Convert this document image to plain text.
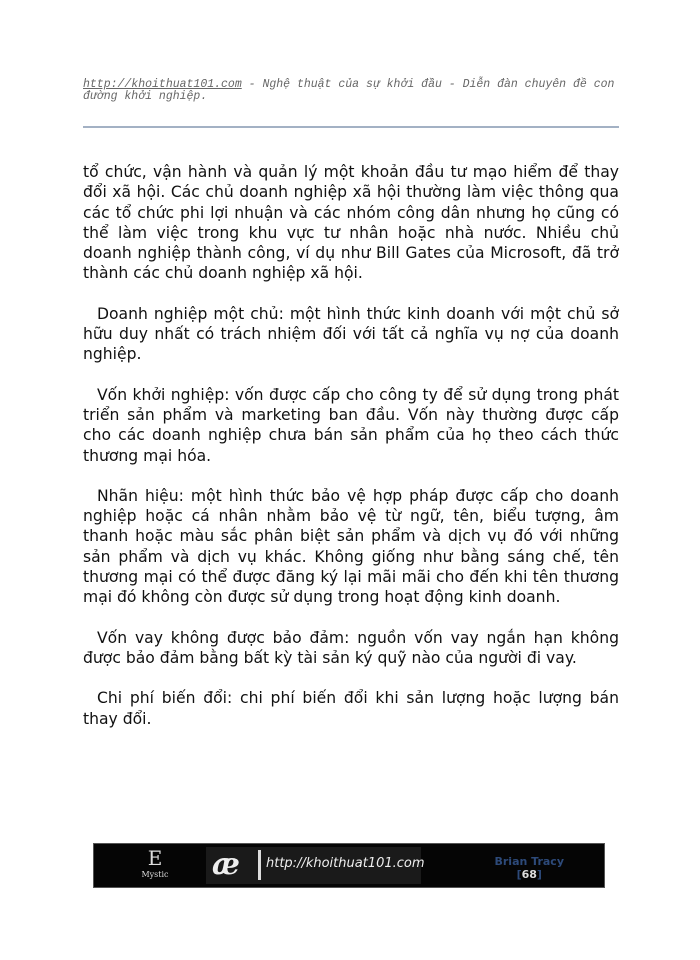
http://khoithuat101.com - Nghệ thuật của sự khởi đầu - Diễn đàn chuyên đề con đường khởi nghiệp.

tổ chức, vận hành và quản lý một khoản đầu tư mạo hiểm để thay đổi xã hội. Các chủ doanh nghiệp xã hội thường làm việc thông qua các tổ chức phi lợi nhuận và các nhóm công dân nhưng họ cũng có thể làm việc trong khu vực tư nhân hoặc nhà nước. Nhiều chủ doanh nghiệp thành công, ví dụ như Bill Gates của Microsoft, đã trở thành các chủ doanh nghiệp xã hội.

Doanh nghiệp một chủ: một hình thức kinh doanh với một chủ sở hữu duy nhất có trách nhiệm đối với tất cả nghĩa vụ nợ của doanh nghiệp.

Vốn khởi nghiệp: vốn được cấp cho công ty để sử dụng trong phát triển sản phẩm và marketing ban đầu. Vốn này thường được cấp cho các doanh nghiệp chưa bán sản phẩm của họ theo cách thức thương mại hóa.

Nhãn hiệu: một hình thức bảo vệ hợp pháp được cấp cho doanh nghiệp hoặc cá nhân nhằm bảo vệ từ ngữ, tên, biểu tượng, âm thanh hoặc màu sắc phân biệt sản phẩm và dịch vụ đó với những sản phẩm và dịch vụ khác. Không giống như bằng sáng chế, tên thương mại có thể được đăng ký lại mãi mãi cho đến khi tên thương mại đó không còn được sử dụng trong hoạt động kinh doanh.

Vốn vay không được bảo đảm: nguồn vốn vay ngắn hạn không được bảo đảm bằng bất kỳ tài sản ký quỹ nào của người đi vay.

Chi phí biến đổi: chi phí biến đổi khi sản lượng hoặc lượng bán thay đổi.

E
Mystic	æ http://khoithuat101.com	Brian Tracy
[68]
